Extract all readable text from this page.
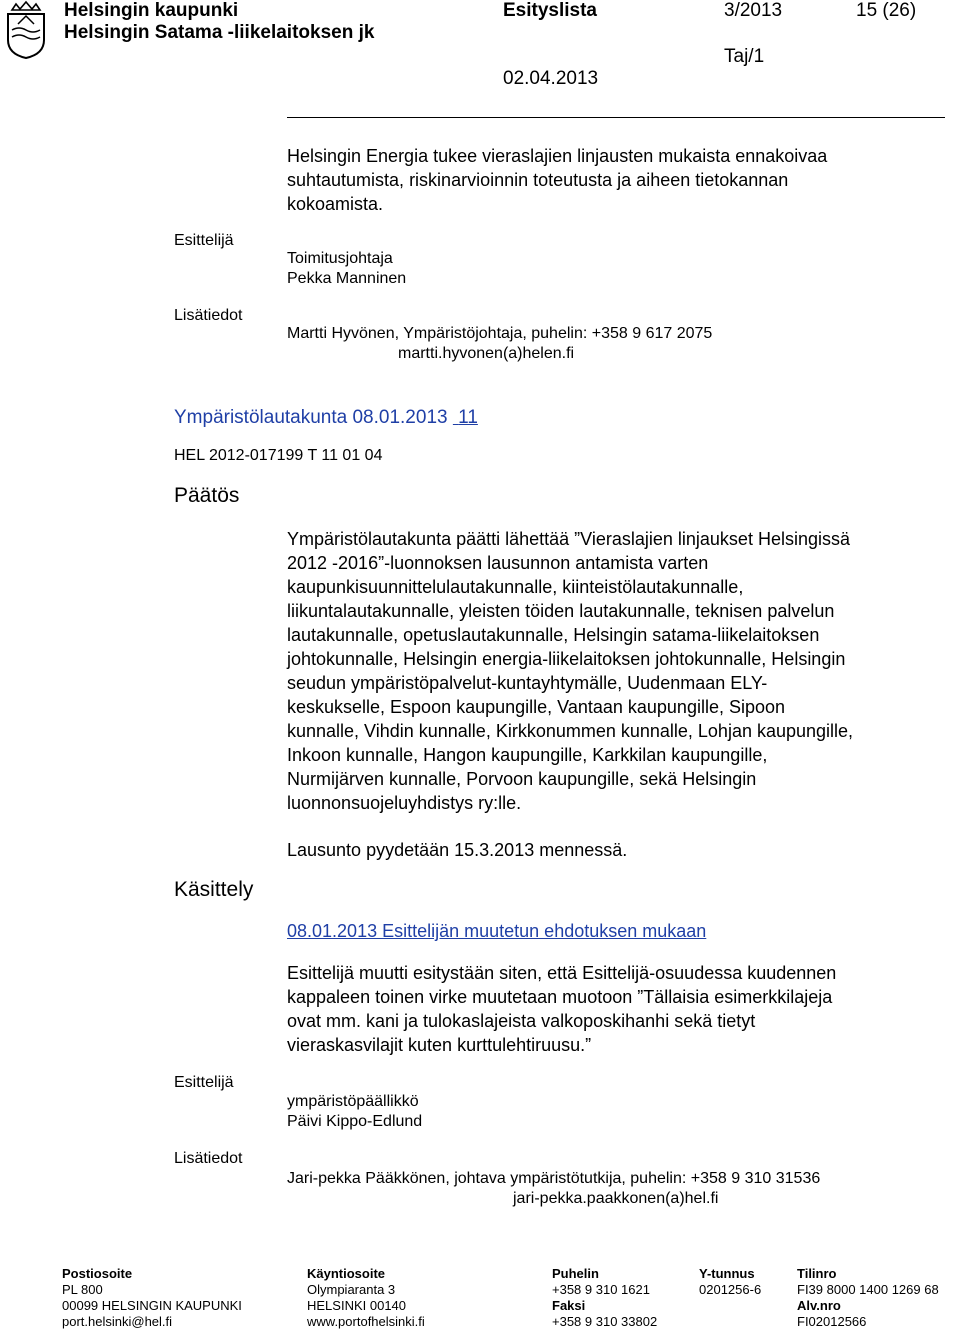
Helsingin kaupunki
Helsingin Satama -liikelaitoksen jk
Esityslista	3/2013	15 (26)
Taj/1
02.04.2013
Helsingin Energia tukee vieraslajien linjausten mukaista ennakoivaa
suhtautumista, riskinarvioinnin toteutusta ja aiheen tietokannan
kokoamista.
Esittelijä
Toimitusjohtaja
Pekka Manninen
Lisätiedot
Martti Hyvönen, Ympäristöjohtaja, puhelin: +358 9 617 2075
martti.hyvonen(a)helen.fi
Ympäristölautakunta 08.01.2013 11
HEL 2012-017199 T 11 01 04
Päätös
Ympäristölautakunta päätti lähettää ”Vieraslajien linjaukset Helsingissä
2012 -2016”-luonnoksen lausunnon antamista varten
kaupunkisuunnittelulautakunnalle, kiinteistölautakunnalle,
liikuntalautakunnalle, yleisten töiden lautakunnalle, teknisen palvelun
lautakunnalle, opetuslautakunnalle, Helsingin satama-liikelaitoksen
johtokunnalle, Helsingin energia-liikelaitoksen johtokunnalle, Helsingin
seudun ympäristöpalvelut-kuntayhtymälle, Uudenmaan ELY-
keskukselle, Espoon kaupungille, Vantaan kaupungille, Sipoon
kunnalle, Vihdin kunnalle, Kirkkonummen kunnalle, Lohjan kaupungille,
Inkoon kunnalle, Hangon kaupungille, Karkkilan kaupungille,
Nurmijärven kunnalle, Porvoon kaupungille, sekä Helsingin
luonnonsuojeluyhdistys ry:lle.
Lausunto pyydetään 15.3.2013 mennessä.
Käsittely
08.01.2013 Esittelijän muutetun ehdotuksen mukaan
Esittelijä muutti esitystään siten, että Esittelijä-osuudessa kuudennen
kappaleen toinen virke muutetaan muotoon ”Tällaisia esimerkkilajeja
ovat mm. kani ja tulokaslajeista valkoposkihanhi sekä tietyt
vieraskasvilajit kuten kurttulehtiruusu.”
Esittelijä
ympäristöpäällikkö
Päivi Kippo-Edlund
Lisätiedot
Jari-pekka Pääkkönen, johtava ympäristötutkija, puhelin: +358 9 310 31536
jari-pekka.paakkonen(a)hel.fi
Postiosoite
PL 800
00099 HELSINGIN KAUPUNKI
port.helsinki@hel.fi
Käyntiosoite
Olympiaranta 3
HELSINKI 00140
www.portofhelsinki.fi
Puhelin
+358 9 310 1621
Faksi
+358 9 310 33802
Y-tunnus
0201256-6
Tilinro
FI39 8000 1400 1269 68
Alv.nro
FI02012566
